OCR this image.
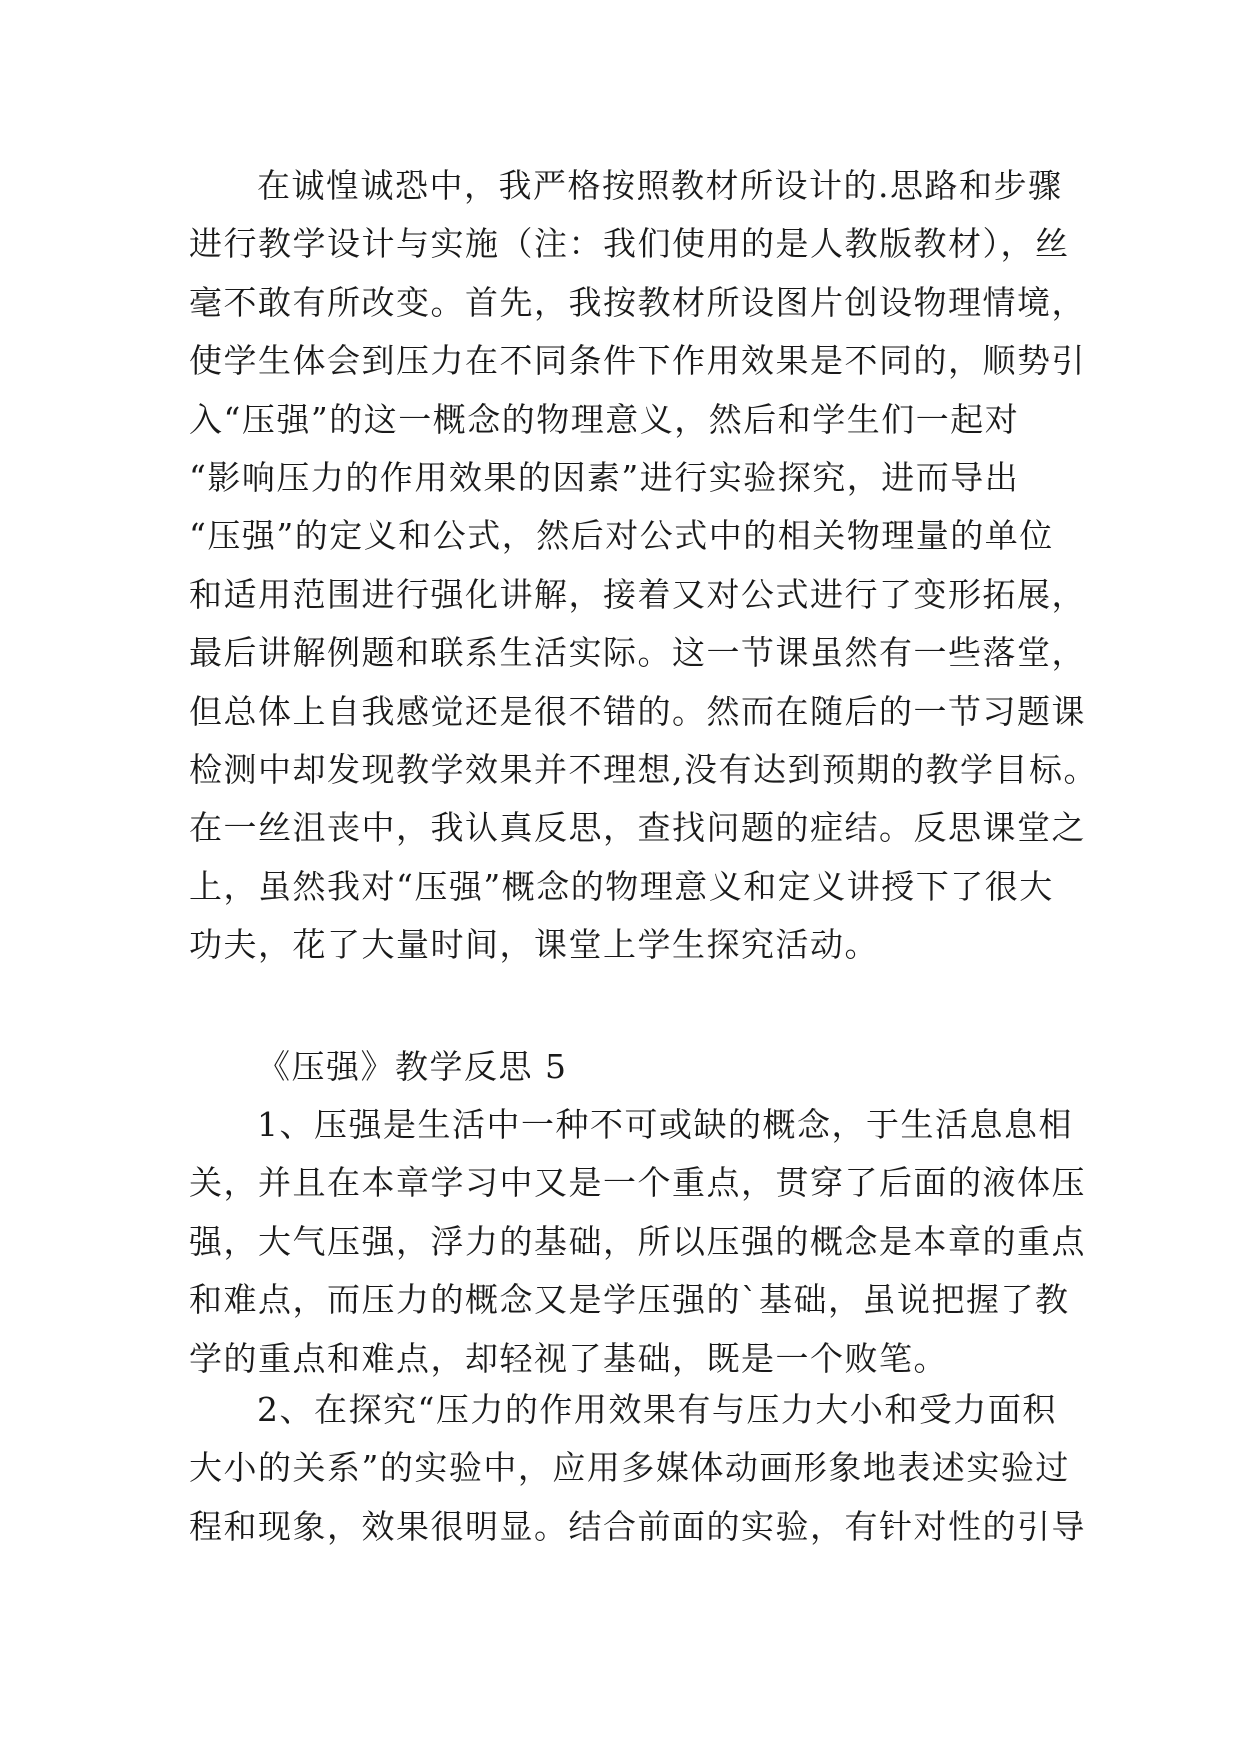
在诚惶诚恐中，我严格按照教材所设计的.思路和步骤
进行教学设计与实施（注：我们使用的是人教版教材），丝
毫不敢有所改变。首先，我按教材所设图片创设物理情境，
使学生体会到压力在不同条件下作用效果是不同的，顺势引
入“压强”的这一概念的物理意义，然后和学生们一起对
“影响压力的作用效果的因素”进行实验探究，进而导出
“压强”的定义和公式，然后对公式中的相关物理量的单位
和适用范围进行强化讲解，接着又对公式进行了变形拓展，
最后讲解例题和联系生活实际。这一节课虽然有一些落堂，
但总体上自我感觉还是很不错的。然而在随后的一节习题课
检测中却发现教学效果并不理想,没有达到预期的教学目标。
在一丝沮丧中，我认真反思，查找问题的症结。反思课堂之
上，虽然我对“压强”概念的物理意义和定义讲授下了很大
功夫，花了大量时间，课堂上学生探究活动。
《压强》教学反思 5
1、压强是生活中一种不可或缺的概念，于生活息息相
关，并且在本章学习中又是一个重点，贯穿了后面的液体压
强，大气压强，浮力的基础，所以压强的概念是本章的重点
和难点，而压力的概念又是学压强的`基础，虽说把握了教
学的重点和难点，却轻视了基础，既是一个败笔。
2、在探究“压力的作用效果有与压力大小和受力面积
大小的关系”的实验中，应用多媒体动画形象地表述实验过
程和现象，效果很明显。结合前面的实验，有针对性的引导
